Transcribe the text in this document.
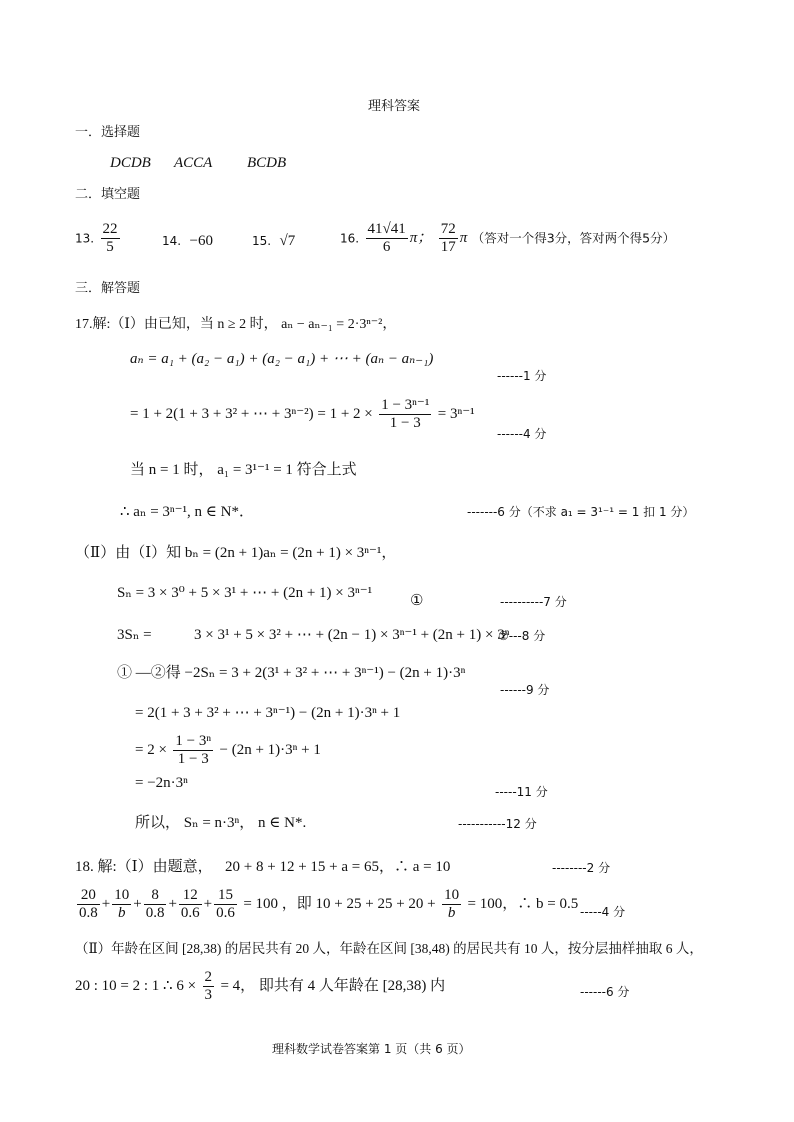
理科答案
一．选择题
DCDB ACCA BCDB
二．填空题
13. $\frac{22}{5}$	14. −60	15. √7	16. $\frac{41√41}{6}$ π； $\frac{72}{17}$ π （答对一个得3分，答对两个得5分）
三．解答题
17.解:（Ⅰ）由已知，当 n ≥ 2 时， aₙ − aₙ₋₁ = 2·3ⁿ⁻²，
aₙ = a₁ + (a₂ − a₁) + (a₂ − a₁) + ⋯ + (aₙ − aₙ₋₁)
------1 分
= 1 + 2(1 + 3 + 3² + ⋯ + $3^{n-2}) = 1 + 2 \times \frac{\text{1 − 3ⁿ⁻¹}}{1 - 3} = 3^{n-1}$
------4 分
当 n = 1 时， a₁ = 3¹⁻¹ = 1 符合上式
∴ aₙ = 3ⁿ⁻¹, n ∈ N*．	-------6 分（不求 a₁ = 3¹⁻¹ = 1 扣 1 分）
（Ⅱ）由（Ⅰ）知 bₙ = (2n + 1)aₙ = (2n + 1) × 3ⁿ⁻¹，
Sₙ = 3 × 3⁰ + 5 × 3¹ + ⋯ + (2n + 1) × 3ⁿ⁻¹	①	----------7 分
3Sₙ =	3 × 3¹ + 5 × 3² + ⋯ + (2n − 1) × 3ⁿ⁻¹ + (2n + 1) × 3ⁿ
②---8 分
① —②得 −2Sₙ = 3 + 2(3¹ + 3² + ⋯ + 3ⁿ⁻¹) − (2n + 1)·3ⁿ
------9 分
= 2(1 + 3 + 3² + ⋯ + 3ⁿ⁻¹) − (2n + 1)·3ⁿ + 1
= $2 \times \frac{\text{1 − 3ⁿ}}{1 - 3} - (2n + 1)\cdot 3^n + 1$
= −2n·3ⁿ
-----11 分
所以， Sₙ = n·3ⁿ， n ∈ N*.	-----------12 分
18. 解:（Ⅰ）由题意， 20 + 8 + 12 + 15 + a = 65，∴ a = 10	--------2 分
$\frac{20}{0.8} + \frac{10}{b} + \frac{8}{0.8} + \frac{12}{0.6} + \frac{15}{0.6} = 100$ ，即 $10 + 25 + 25 + 20 + \frac{10}{b} = 100$，∴ b = 0.5 -----4 分
（Ⅱ）年龄在区间 [28,38) 的居民共有 20 人，年龄在区间 [38,48) 的居民共有 10 人，按分层抽样抽取 6 人，
20 : 10 = 2 : 1 ∴ $6 \times \frac{2}{3} = 4$， 即共有 4 人年龄在 [28,38) 内	------6 分
理科数学试卷答案第 1 页（共 6 页）
